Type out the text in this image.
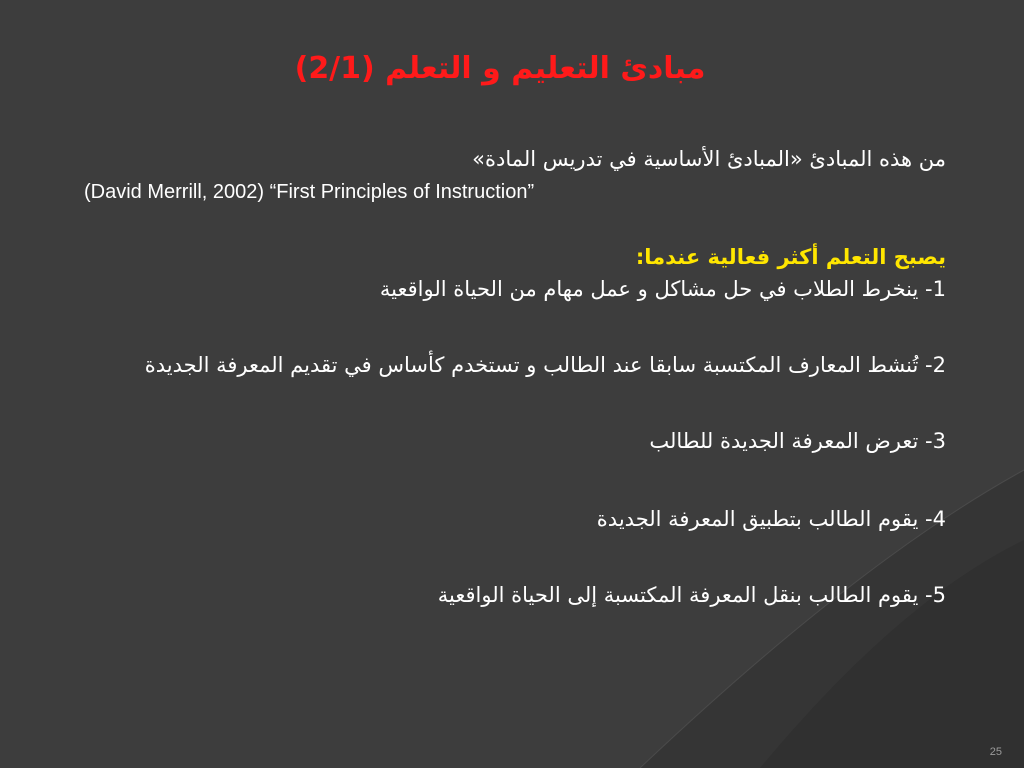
مبادئ التعليم و التعلم (2/1)

من هذه المبادئ «المبادئ الأساسية في تدريس المادة»

(David Merrill, 2002) “First Principles of Instruction”

يصبح التعلم أكثر فعالية عندما:

1- ينخرط الطلاب في حل مشاكل و عمل مهام من الحياة الواقعية

2- تُنشط المعارف المكتسبة سابقا عند الطالب و تستخدم كأساس في تقديم المعرفة الجديدة

3- تعرض المعرفة الجديدة للطالب

4- يقوم الطالب بتطبيق المعرفة الجديدة

5- يقوم الطالب بنقل المعرفة المكتسبة إلى الحياة الواقعية

25
